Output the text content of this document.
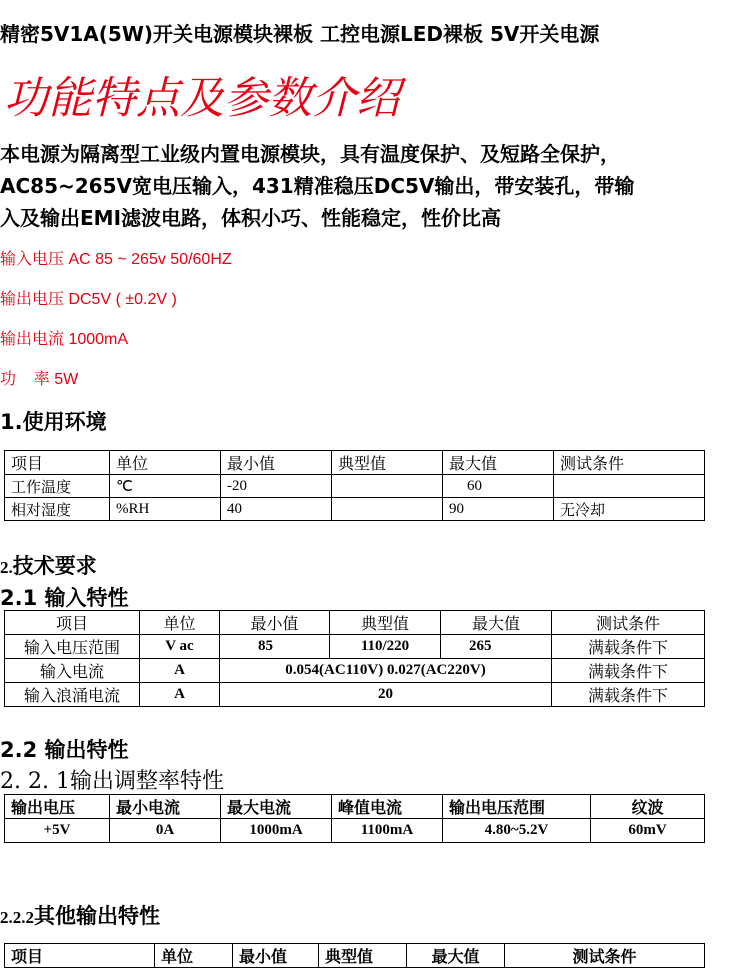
精密5V1A(5W)开关电源模块裸板 工控电源LED裸板 5V开关电源
功能特点及参数介绍
本电源为隔离型工业级内置电源模块，具有温度保护、及短路全保护，
AC85~265V宽电压输入，431精准稳压DC5V输出，带安装孔，带输
入及输出EMI滤波电路，体积小巧、性能稳定，性价比高
输入电压 AC 85 ~ 265v 50/60HZ
输出电压 DC5V ( ±0.2V )
输出电流 1000mA
功    率 5W
1.使用环境
项目	单位	最小值	典型值	最大值	测试条件
工作温度	℃	-20		60	
相对湿度	%RH	40		90	无冷却
2.技术要求
2.1 输入特性
项目	单位	最小值	典型值	最大值	测试条件
输入电压范围	V ac	85	110/220	265	满载条件下
输入电流	A	0.054(AC110V) 0.027(AC220V)			满载条件下
输入浪涌电流	A	20			满载条件下
2.2 输出特性
2. 2. 1输出调整率特性
输出电压	最小电流	最大电流	峰值电流	输出电压范围	纹波
+5V	0A	1000mA	1100mA	4.80~5.2V	60mV
2.2.2其他输出特性
项目	单位	最小值	典型值	最大值	测试条件
